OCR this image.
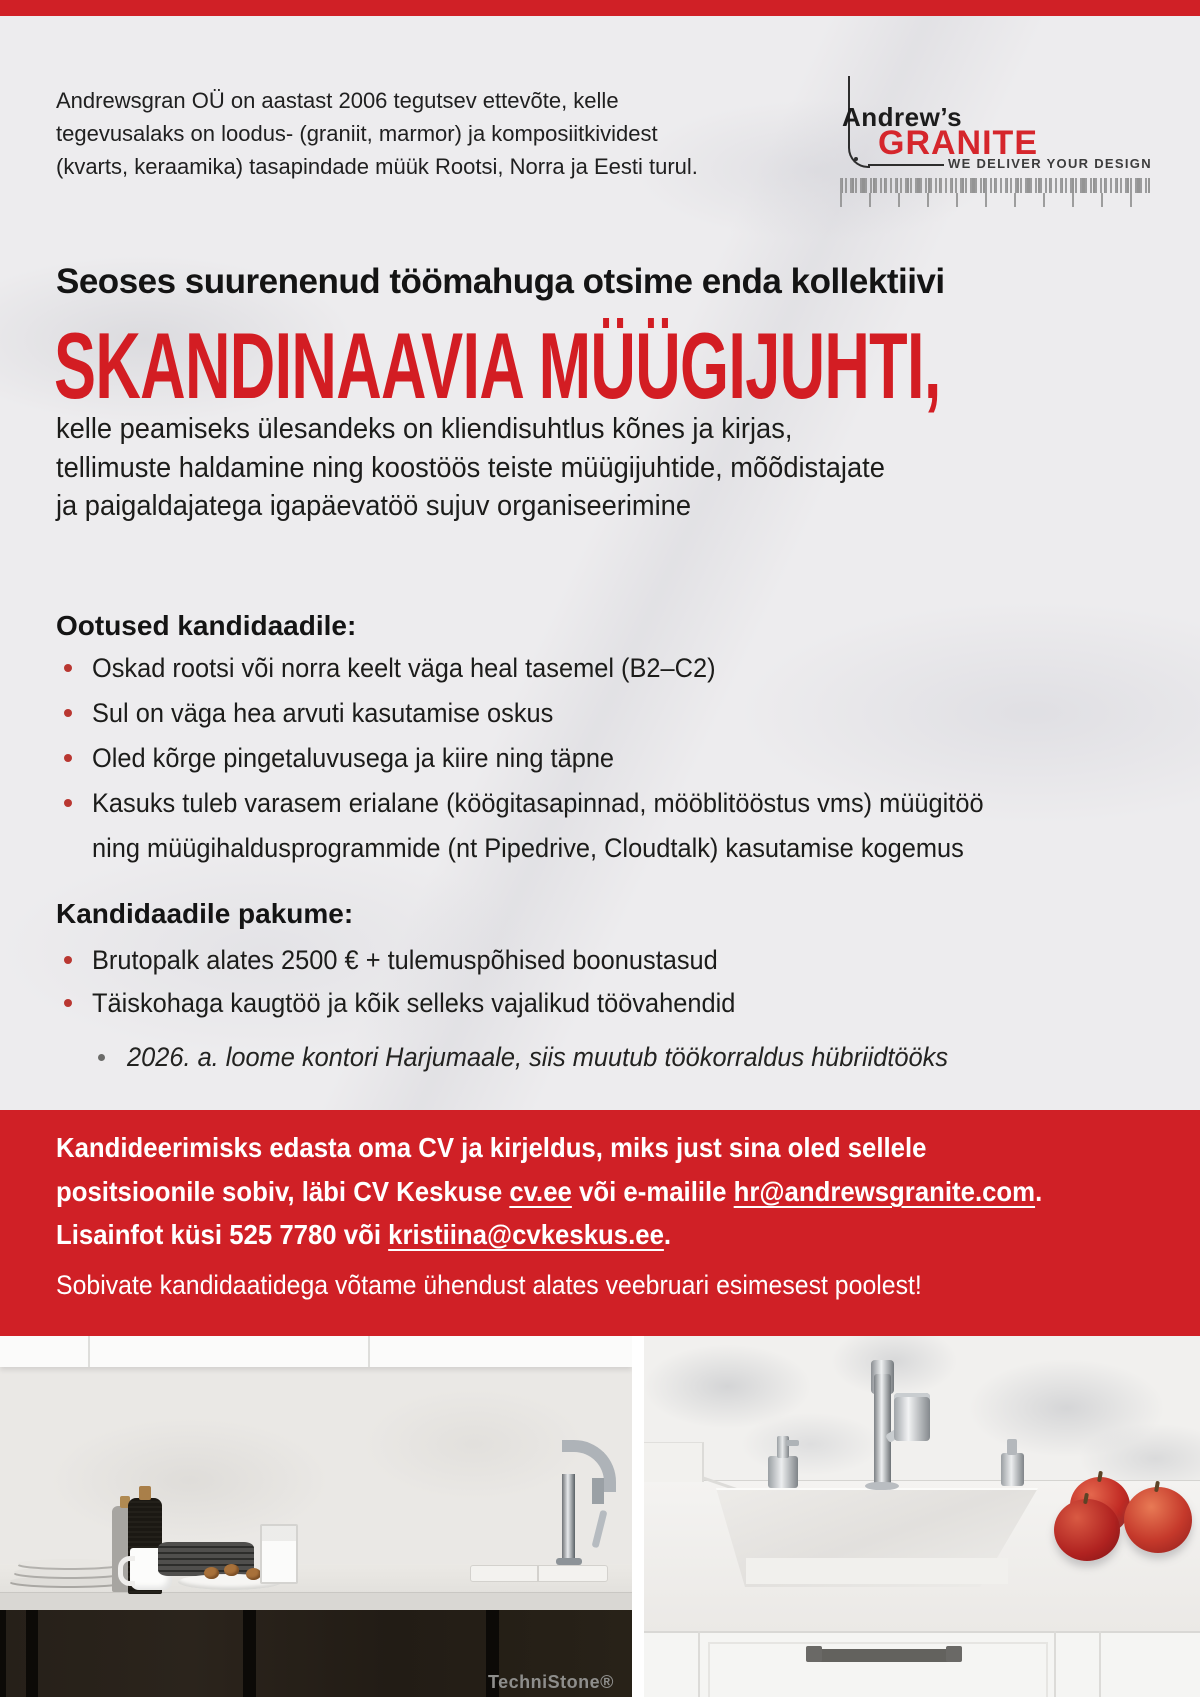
Andrewsgran OÜ on aastast 2006 tegutsev ettevõte, kelle
tegevusalaks on loodus- (graniit, marmor) ja komposiitkividest
(kvarts, keraamika) tasapindade müük Rootsi, Norra ja Eesti turul.
Andrew’s
GRANITE
WE DELIVER YOUR DESIGN
Seoses suurenenud töömahuga otsime enda kollektiivi
SKANDINAAVIA MÜÜGIJUHTI,
kelle peamiseks ülesandeks on kliendisuhtlus kõnes ja kirjas,
tellimuste haldamine ning koostöös teiste müügijuhtide, mõõdistajate
ja paigaldajatega igapäevatöö sujuv organiseerimine
Ootused kandidaadile:
Oskad rootsi või norra keelt väga heal tasemel (B2–C2)
Sul on väga hea arvuti kasutamise oskus
Oled kõrge pingetaluvusega ja kiire ning täpne
Kasuks tuleb varasem erialane (köögitasapinnad, mööblitööstus vms) müügitöö
ning müügihaldusprogrammide (nt Pipedrive, Cloudtalk) kasutamise kogemus
Kandidaadile pakume:
Brutopalk alates 2500 € + tulemuspõhised boonustasud
Täiskohaga kaugtöö ja kõik selleks vajalikud töövahendid
2026. a. loome kontori Harjumaale, siis muutub töökorraldus hübriidtööks
Kandideerimisks edasta oma CV ja kirjeldus, miks just sina oled sellele
positsioonile sobiv, läbi CV Keskuse cv.ee või e-mailile hr@andrewsgranite.com.
Lisainfot küsi 525 7780 või kristiina@cvkeskus.ee.
Sobivate kandidaatidega võtame ühendust alates veebruari esimesest poolest!
TechniStone®
